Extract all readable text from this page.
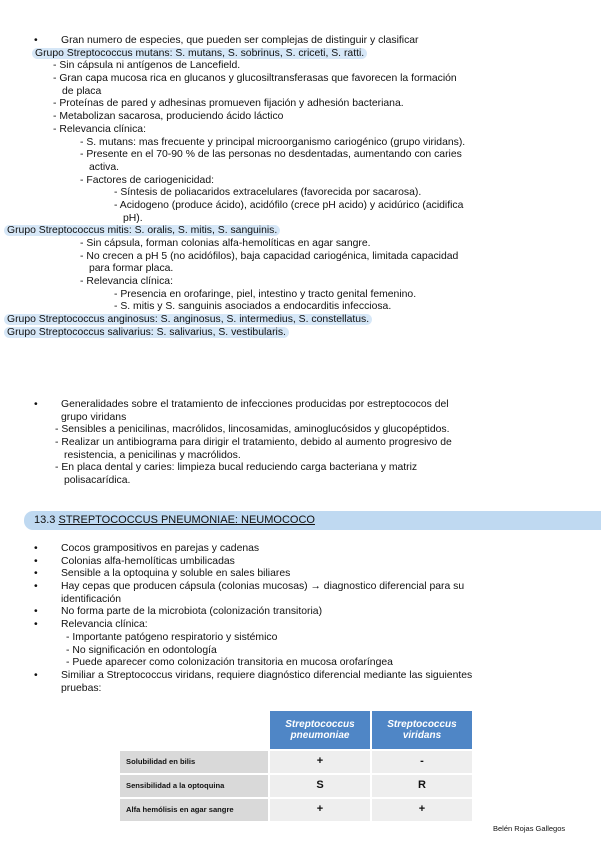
•	Gran numero de especies, que pueden ser complejas de distinguir y clasificar
Grupo Streptococcus mutans: S. mutans, S. sobrinus, S. criceti, S. ratti.
- Sin cápsula ni antígenos de Lancefield.
- Gran capa mucosa rica en glucanos y glucosiltransferasas que favorecen la formación
de placa
- Proteínas de pared y adhesinas promueven fijación y adhesión bacteriana.
- Metabolizan sacarosa, produciendo ácido láctico
- Relevancia clínica:
- S. mutans: mas frecuente y principal microorganismo cariogénico (grupo viridans).
- Presente en el 70-90 % de las personas no desdentadas, aumentando con caries
activa.
- Factores de cariogenicidad:
- Síntesis de poliacaridos extracelulares (favorecida por sacarosa).
- Acidogeno (produce ácido), acidófilo (crece pH acido) y acidúrico (acidifica
pH).
Grupo Streptococcus mitis: S. oralis, S. mitis, S. sanguinis.
- Sin cápsula, forman colonias alfa-hemolíticas en agar sangre.
- No crecen a pH 5 (no acidófilos), baja capacidad cariogénica, limitada capacidad
para formar placa.
- Relevancia clínica:
- Presencia en orofaringe, piel, intestino y tracto genital femenino.
- S. mitis y S. sanguinis asociados a endocarditis infecciosa.
Grupo Streptococcus anginosus: S. anginosus, S. intermedius, S. constellatus.
Grupo Streptococcus salivarius: S. salivarius, S. vestibularis.
•	Generalidades sobre el tratamiento de infecciones producidas por estreptococos del
grupo viridans
- Sensibles a penicilinas, macrólidos, lincosamidas, aminoglucósidos y glucopéptidos.
- Realizar un antibiograma para dirigir el tratamiento, debido al aumento progresivo de
resistencia, a penicilinas y macrólidos.
- En placa dental y caries: limpieza bucal reduciendo carga bacteriana y matriz
polisacarídica.
13.3 STREPTOCOCCUS PNEUMONIAE: NEUMOCOCO
•	Cocos grampositivos en parejas y cadenas
•	Colonias alfa-hemolíticas umbilicadas
•	Sensible a la optoquina y soluble en sales biliares
•	Hay cepas que producen cápsula (colonias mucosas) → diagnostico diferencial para su
identificación
•	No forma parte de la microbiota (colonización transitoria)
•	Relevancia clínica:
- Importante patógeno respiratorio y sistémico
- No significación en odontología
- Puede aparecer como colonización transitoria en mucosa orofaríngea
•	Similiar a Streptococcus viridans, requiere diagnóstico diferencial mediante las siguientes
pruebas:
	Streptococcus pneumoniae	Streptococcus viridans
Solubilidad en bilis	+	-
Sensibilidad a la optoquina	S	R
Alfa hemólisis en agar sangre	+	+
Belén Rojas Gallegos
